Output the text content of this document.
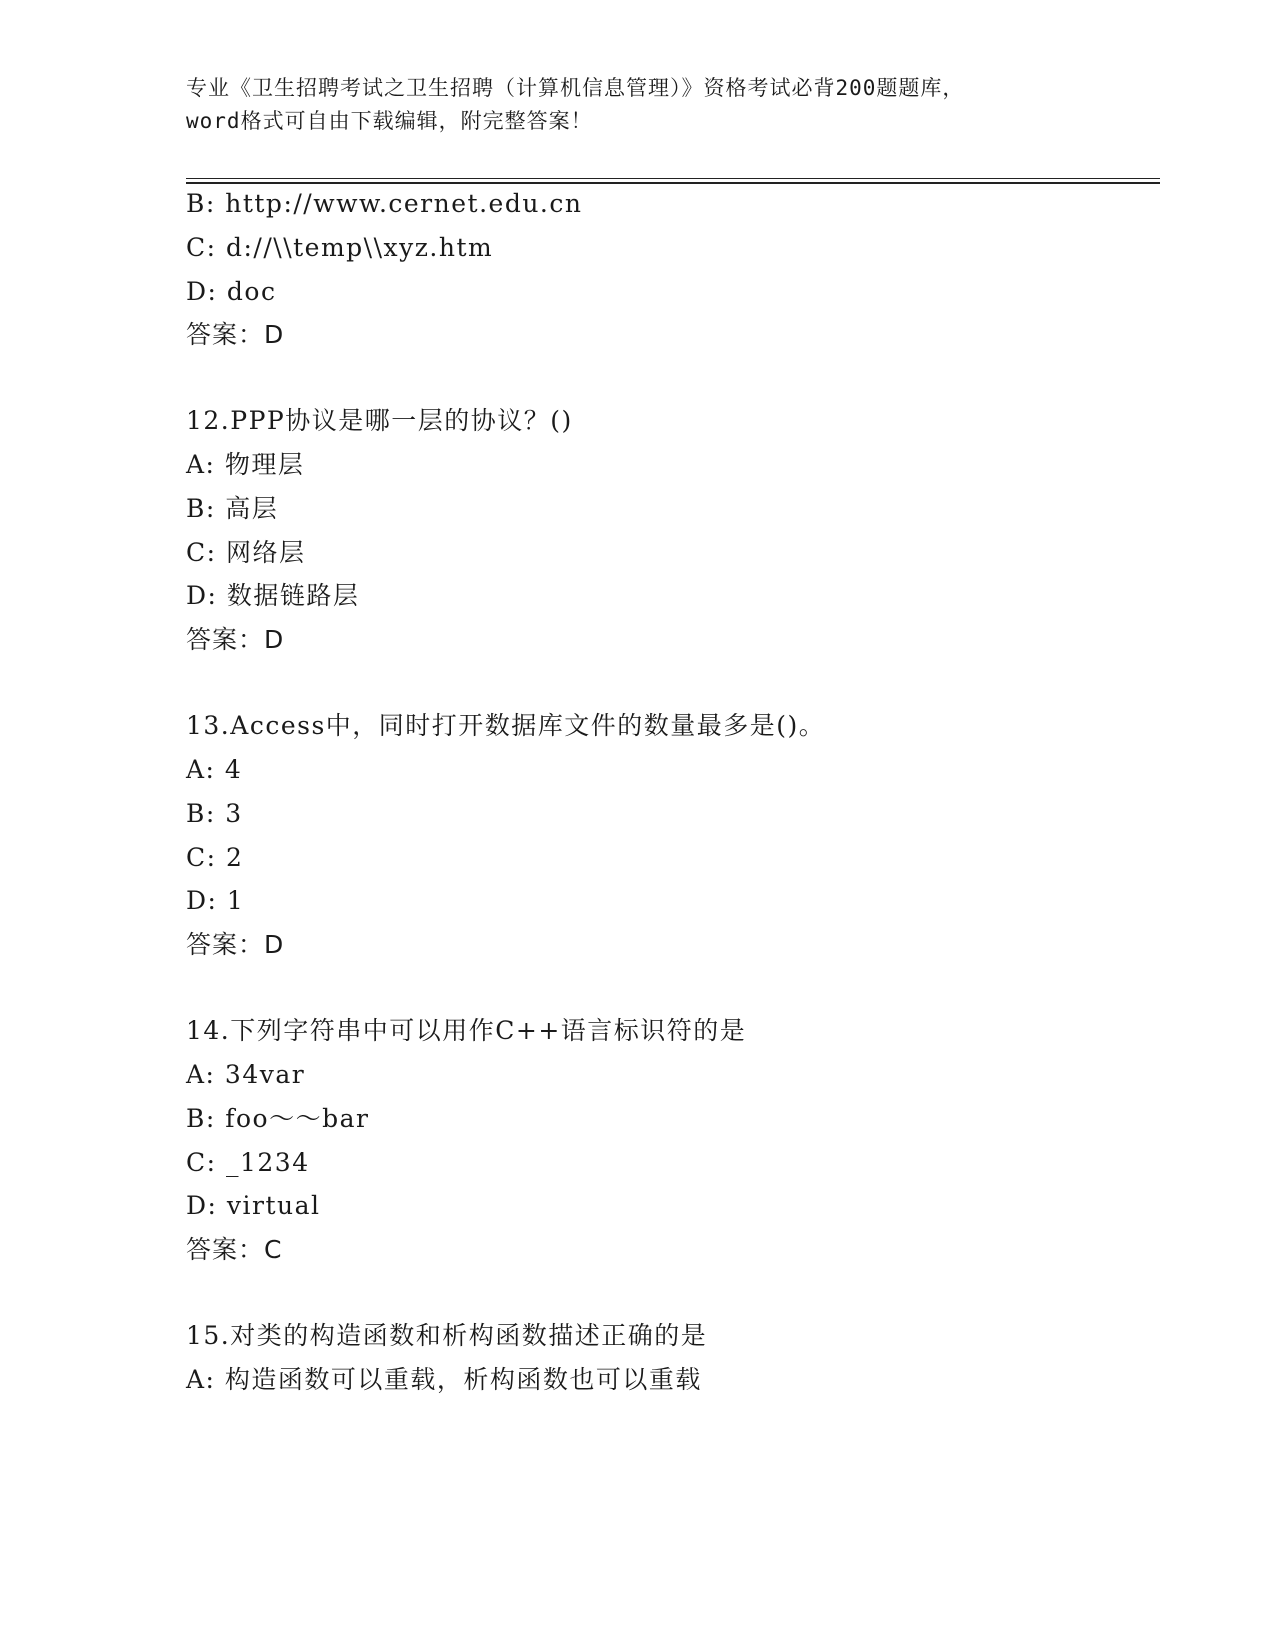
专业《卫生招聘考试之卫生招聘（计算机信息管理）》资格考试必背200题题库，
word格式可自由下载编辑，附完整答案！
B: http://www.cernet.edu.cn
C: d://\\temp\\xyz.htm
D: doc
答案：D
12.PPP协议是哪一层的协议？()
A: 物理层
B: 高层
C: 网络层
D: 数据链路层
答案：D
13.Access中，同时打开数据库文件的数量最多是()。
A: 4
B: 3
C: 2
D: 1
答案：D
14.下列字符串中可以用作C++语言标识符的是
A: 34var
B: foo～～bar
C: _1234
D: virtual
答案：C
15.对类的构造函数和析构函数描述正确的是
A: 构造函数可以重载，析构函数也可以重载
